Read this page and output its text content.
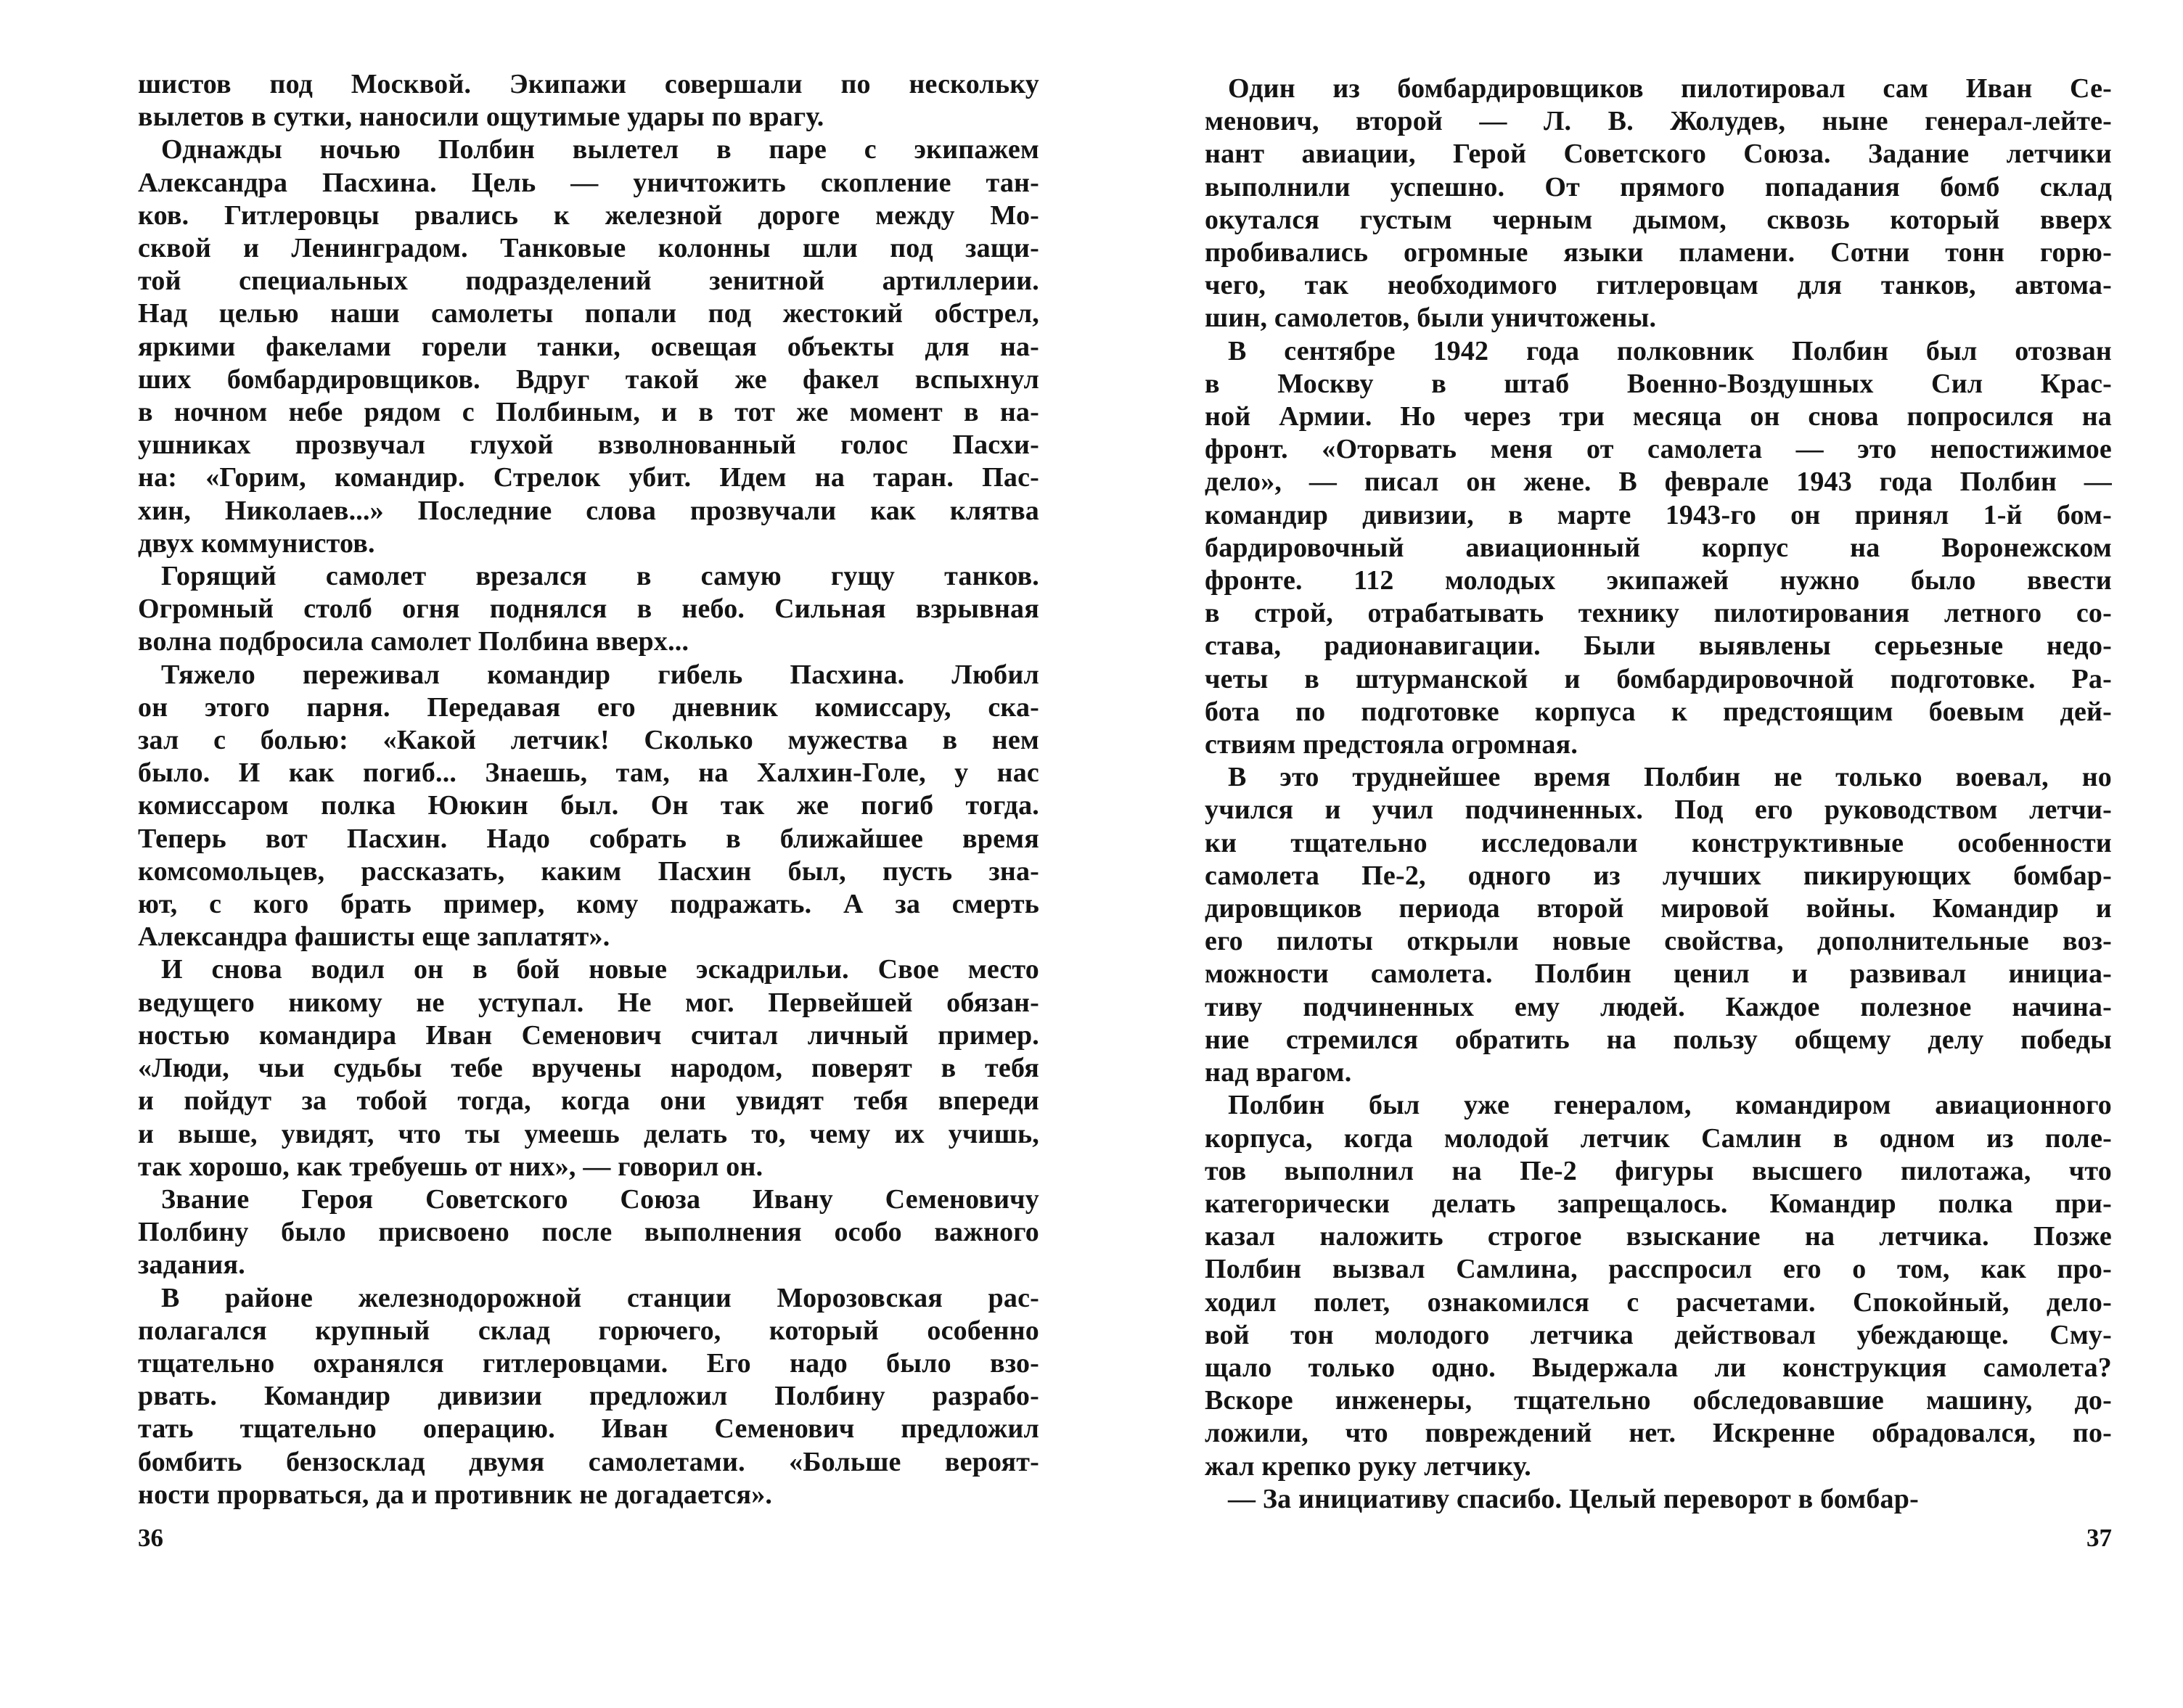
шистов под Москвой. Экипажи совершали по нескольку
вылетов в сутки, наносили ощутимые удары по врагу.
Однажды ночью Полбин вылетел в паре с экипажем
Александра Пасхина. Цель — уничтожить скопление тан-
ков. Гитлеровцы рвались к железной дороге между Мо-
сквой и Ленинградом. Танковые колонны шли под защи-
той специальных подразделений зенитной артиллерии.
Над целью наши самолеты попали под жестокий обстрел,
яркими факелами горели танки, освещая объекты для на-
ших бомбардировщиков. Вдруг такой же факел вспыхнул
в ночном небе рядом с Полбиным, и в тот же момент в на-
ушниках прозвучал глухой взволнованный голос Пасхи-
на: «Горим, командир. Стрелок убит. Идем на таран. Пас-
хин, Николаев...» Последние слова прозвучали как клятва
двух коммунистов.
Горящий самолет врезался в самую гущу танков.
Огромный столб огня поднялся в небо. Сильная взрывная
волна подбросила самолет Полбина вверх...
Тяжело переживал командир гибель Пасхина. Любил
он этого парня. Передавая его дневник комиссару, ска-
зал с болью: «Какой летчик! Сколько мужества в нем
было. И как погиб... Знаешь, там, на Халхин-Голе, у нас
комиссаром полка Ююкин был. Он так же погиб тогда.
Теперь вот Пасхин. Надо собрать в ближайшее время
комсомольцев, рассказать, каким Пасхин был, пусть зна-
ют, с кого брать пример, кому подражать. А за смерть
Александра фашисты еще заплатят».
И снова водил он в бой новые эскадрильи. Свое место
ведущего никому не уступал. Не мог. Первейшей обязан-
ностью командира Иван Семенович считал личный пример.
«Люди, чьи судьбы тебе вручены народом, поверят в тебя
и пойдут за тобой тогда, когда они увидят тебя впереди
и выше, увидят, что ты умеешь делать то, чему их учишь,
так хорошо, как требуешь от них», — говорил он.
Звание Героя Советского Союза Ивану Семеновичу
Полбину было присвоено после выполнения особо важного
задания.
В районе железнодорожной станции Морозовская рас-
полагался крупный склад горючего, который особенно
тщательно охранялся гитлеровцами. Его надо было взо-
рвать. Командир дивизии предложил Полбину разрабо-
тать тщательно операцию. Иван Семенович предложил
бомбить бензосклад двумя самолетами. «Больше вероят-
ности прорваться, да и противник не догадается».
Один из бомбардировщиков пилотировал сам Иван Се-
менович, второй — Л. В. Жолудев, ныне генерал-лейте-
нант авиации, Герой Советского Союза. Задание летчики
выполнили успешно. От прямого попадания бомб склад
окутался густым черным дымом, сквозь который вверх
пробивались огромные языки пламени. Сотни тонн горю-
чего, так необходимого гитлеровцам для танков, автома-
шин, самолетов, были уничтожены.
В сентябре 1942 года полковник Полбин был отозван
в Москву в штаб Военно-Воздушных Сил Крас-
ной Армии. Но через три месяца он снова попросился на
фронт. «Оторвать меня от самолета — это непостижимое
дело», — писал он жене. В феврале 1943 года Полбин —
командир дивизии, в марте 1943-го он принял 1-й бом-
бардировочный авиационный корпус на Воронежском
фронте. 112 молодых экипажей нужно было ввести
в строй, отрабатывать технику пилотирования летного со-
става, радионавигации. Были выявлены серьезные недо-
четы в штурманской и бомбардировочной подготовке. Ра-
бота по подготовке корпуса к предстоящим боевым дей-
ствиям предстояла огромная.
В это труднейшее время Полбин не только воевал, но
учился и учил подчиненных. Под его руководством летчи-
ки тщательно исследовали конструктивные особенности
самолета Пе-2, одного из лучших пикирующих бомбар-
дировщиков периода второй мировой войны. Командир и
его пилоты открыли новые свойства, дополнительные воз-
можности самолета. Полбин ценил и развивал инициа-
тиву подчиненных ему людей. Каждое полезное начина-
ние стремился обратить на пользу общему делу победы
над врагом.
Полбин был уже генералом, командиром авиационного
корпуса, когда молодой летчик Самлин в одном из поле-
тов выполнил на Пе-2 фигуры высшего пилотажа, что
категорически делать запрещалось. Командир полка при-
казал наложить строгое взыскание на летчика. Позже
Полбин вызвал Самлина, расспросил его о том, как про-
ходил полет, ознакомился с расчетами. Спокойный, дело-
вой тон молодого летчика действовал убеждающе. Сму-
щало только одно. Выдержала ли конструкция самолета?
Вскоре инженеры, тщательно обследовавшие машину, до-
ложили, что повреждений нет. Искренне обрадовался, по-
жал крепко руку летчику.
— За инициативу спасибо. Целый переворот в бомбар-
36	37
